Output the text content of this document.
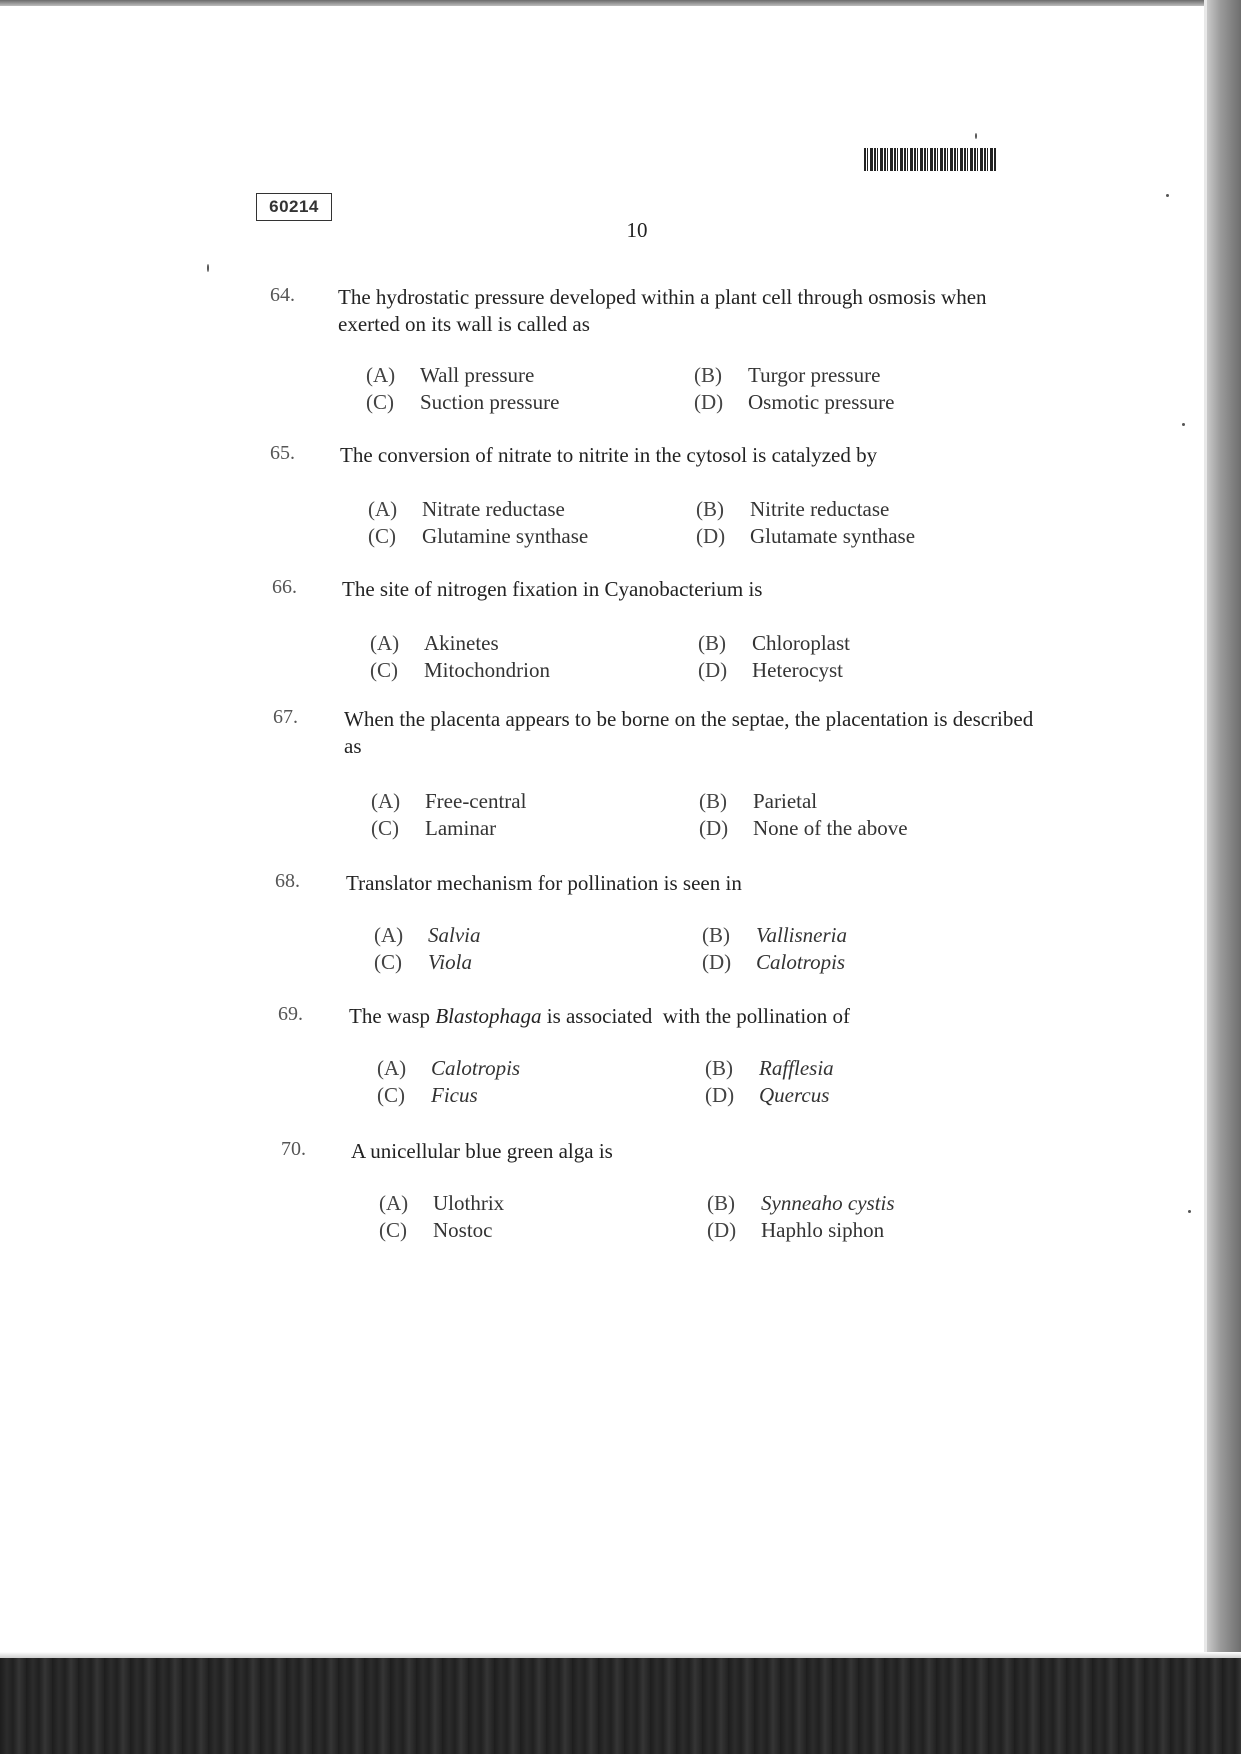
60214
10
64. The hydrostatic pressure developed within a plant cell through osmosis when exerted on its wall is called as
(A)	Wall pressure	(B)	Turgor pressure
(C)	Suction pressure	(D)	Osmotic pressure
65. The conversion of nitrate to nitrite in the cytosol is catalyzed by
(A)	Nitrate reductase	(B)	Nitrite reductase
(C)	Glutamine synthase	(D)	Glutamate synthase
66. The site of nitrogen fixation in Cyanobacterium is
(A)	Akinetes	(B)	Chloroplast
(C)	Mitochondrion	(D)	Heterocyst
67. When the placenta appears to be borne on the septae, the placentation is described as
(A)	Free-central	(B)	Parietal
(C)	Laminar	(D)	None of the above
68. Translator mechanism for pollination is seen in
(A)	Salvia	(B)	Vallisneria
(C)	Viola	(D)	Calotropis
69. The wasp Blastophaga is associated  with the pollination of
(A)	Calotropis	(B)	Rafflesia
(C)	Ficus	(D)	Quercus
70. A unicellular blue green alga is
(A)	Ulothrix	(B)	Synneaho cystis
(C)	Nostoc	(D)	Haphlo siphon
